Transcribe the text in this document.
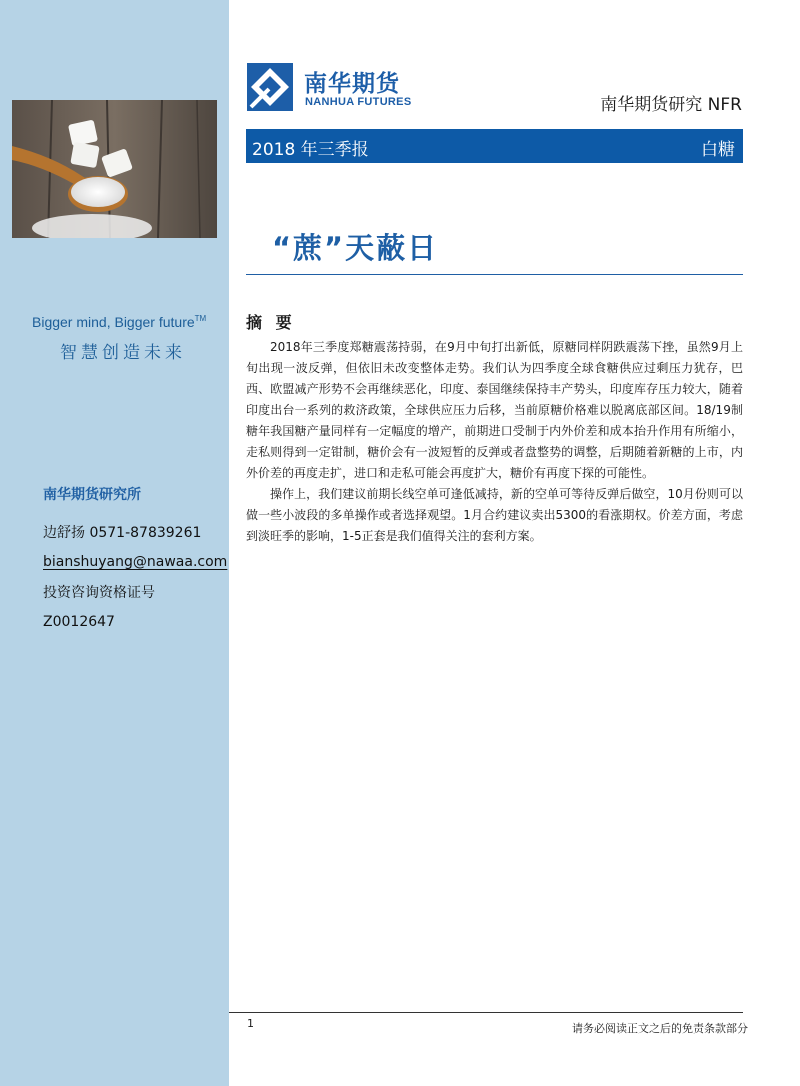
Bigger mind, Bigger future™
智慧创造未来
南华期货研究所
边舒扬 0571-87839261
bianshuyang@nawaa.com
投资咨询资格证号
Z0012647
南华期货
NANHUA FUTURES	南华期货研究 NFR
2018 年三季报	白糖
“蔗”天蔽日
摘 要

2018年三季度郑糖震荡持弱，在9月中旬打出新低，原糖同样阴跌震荡下挫，虽然9月上旬出现一波反弹，但依旧未改变整体走势。我们认为四季度全球食糖供应过剩压力犹存，巴西、欧盟减产形势不会再继续恶化，印度、泰国继续保持丰产势头，印度库存压力较大，随着印度出台一系列的救济政策，全球供应压力后移，当前原糖价格难以脱离底部区间。18/19制糖年我国糖产量同样有一定幅度的增产，前期进口受制于内外价差和成本抬升作用有所缩小，走私则得到一定钳制，糖价会有一波短暂的反弹或者盘整势的调整，后期随着新糖的上市，内外价差的再度走扩，进口和走私可能会再度扩大，糖价有再度下探的可能性。

操作上，我们建议前期长线空单可逢低减持，新的空单可等待反弹后做空，10月份则可以做一些小波段的多单操作或者选择观望。1月合约建议卖出5300的看涨期权。价差方面，考虑到淡旺季的影响，1-5正套是我们值得关注的套利方案。

1	请务必阅读正文之后的免责条款部分
